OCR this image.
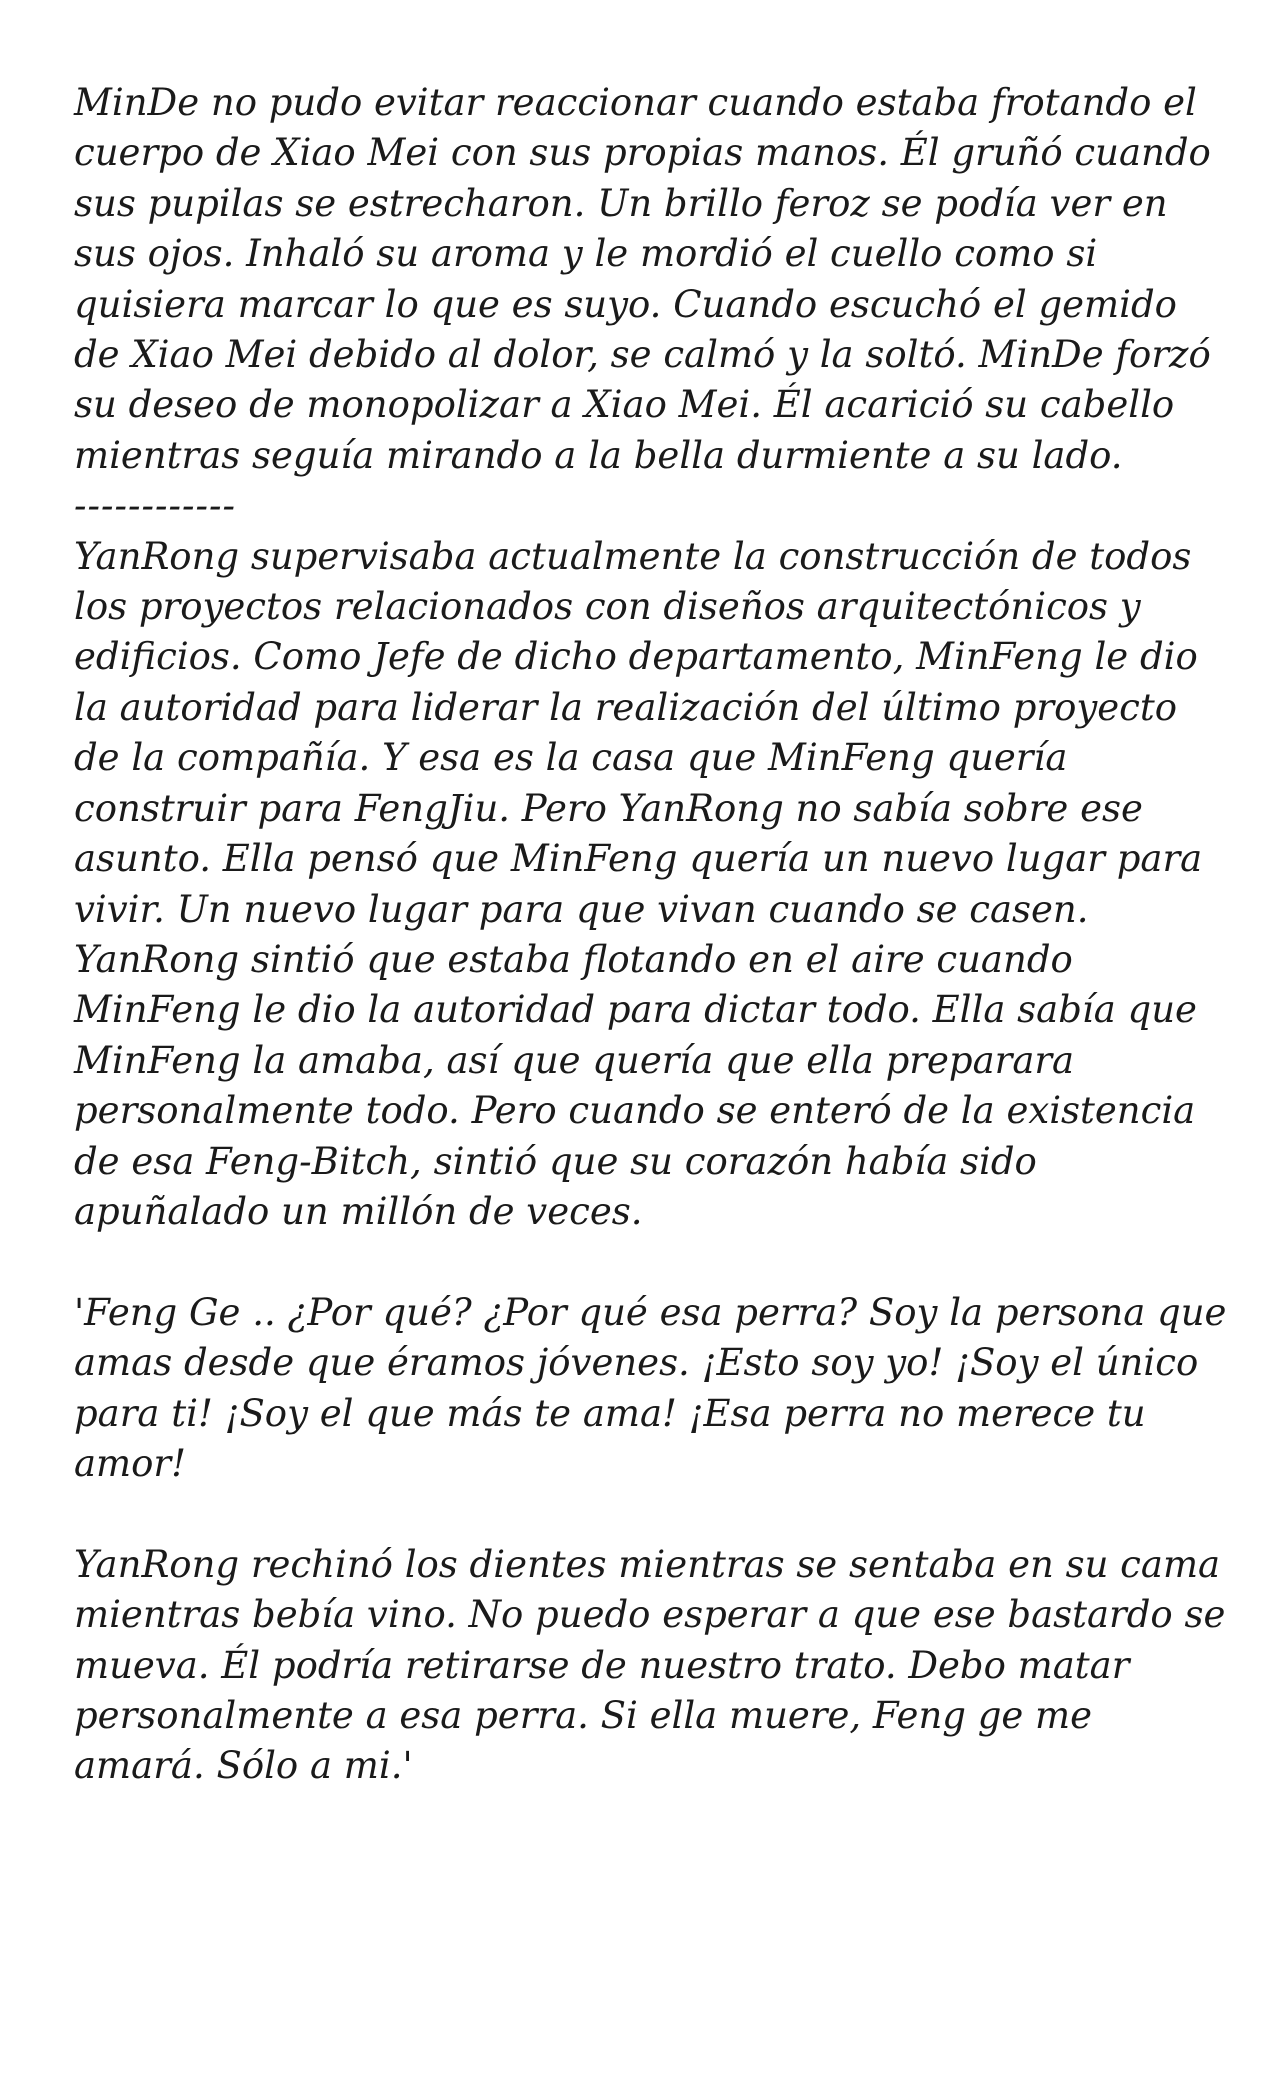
MinDe no pudo evitar reaccionar cuando estaba frotando el cuerpo de Xiao Mei con sus propias manos. Él gruñó cuando sus pupilas se estrecharon. Un brillo feroz se podía ver en sus ojos. Inhaló su aroma y le mordió el cuello como si quisiera marcar lo que es suyo. Cuando escuchó el gemido de Xiao Mei debido al dolor, se calmó y la soltó. MinDe forzó su deseo de monopolizar a Xiao Mei. Él acarició su cabello mientras seguía mirando a la bella durmiente a su lado.

------------

YanRong supervisaba actualmente la construcción de todos los proyectos relacionados con diseños arquitectónicos y edificios. Como Jefe de dicho departamento, MinFeng le dio la autoridad para liderar la realización del último proyecto de la compañía. Y esa es la casa que MinFeng quería construir para FengJiu. Pero YanRong no sabía sobre ese asunto. Ella pensó que MinFeng quería un nuevo lugar para vivir. Un nuevo lugar para que vivan cuando se casen. YanRong sintió que estaba flotando en el aire cuando MinFeng le dio la autoridad para dictar todo. Ella sabía que MinFeng la amaba, así que quería que ella preparara personalmente todo. Pero cuando se enteró de la existencia de esa Feng-Bitch, sintió que su corazón había sido apuñalado un millón de veces.

'Feng Ge .. ¿Por qué? ¿Por qué esa perra? Soy la persona que amas desde que éramos jóvenes. ¡Esto soy yo! ¡Soy el único para ti! ¡Soy el que más te ama! ¡Esa perra no merece tu amor!

YanRong rechinó los dientes mientras se sentaba en su cama mientras bebía vino. No puedo esperar a que ese bastardo se mueva. Él podría retirarse de nuestro trato. Debo matar personalmente a esa perra. Si ella muere, Feng ge me amará. Sólo a mi.'
